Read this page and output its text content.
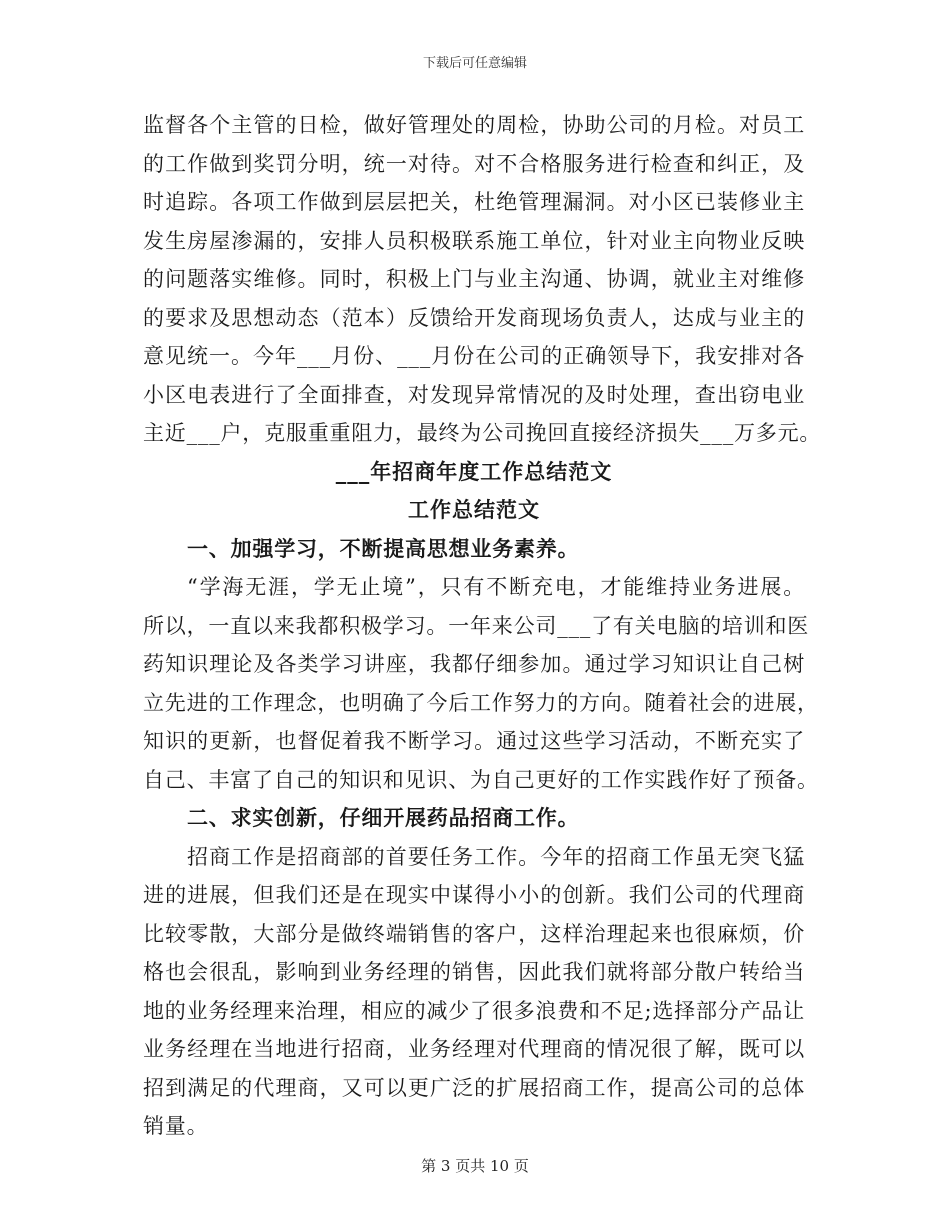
下载后可任意编辑
监督各个主管的日检，做好管理处的周检，协助公司的月检。对员工
的工作做到奖罚分明，统一对待。对不合格服务进行检查和纠正，及
时追踪。各项工作做到层层把关，杜绝管理漏洞。对小区已装修业主
发生房屋渗漏的，安排人员积极联系施工单位，针对业主向物业反映
的问题落实维修。同时，积极上门与业主沟通、协调，就业主对维修
的要求及思想动态（范本）反馈给开发商现场负责人，达成与业主的
意见统一。今年___月份、___月份在公司的正确领导下，我安排对各
小区电表进行了全面排查，对发现异常情况的及时处理，查出窃电业
主近___户，克服重重阻力，最终为公司挽回直接经济损失___万多元。
___年招商年度工作总结范文
工作总结范文
一、加强学习，不断提高思想业务素养。
“学海无涯，学无止境”，只有不断充电，才能维持业务进展。
所以，一直以来我都积极学习。一年来公司___了有关电脑的培训和医
药知识理论及各类学习讲座，我都仔细参加。通过学习知识让自己树
立先进的工作理念，也明确了今后工作努力的方向。随着社会的进展，
知识的更新，也督促着我不断学习。通过这些学习活动，不断充实了
自己、丰富了自己的知识和见识、为自己更好的工作实践作好了预备。
二、求实创新，仔细开展药品招商工作。
招商工作是招商部的首要任务工作。今年的招商工作虽无突飞猛
进的进展，但我们还是在现实中谋得小小的创新。我们公司的代理商
比较零散，大部分是做终端销售的客户，这样治理起来也很麻烦，价
格也会很乱，影响到业务经理的销售，因此我们就将部分散户转给当
地的业务经理来治理，相应的减少了很多浪费和不足;选择部分产品让
业务经理在当地进行招商，业务经理对代理商的情况很了解，既可以
招到满足的代理商，又可以更广泛的扩展招商工作，提高公司的总体
销量。
第 3 页共 10 页
